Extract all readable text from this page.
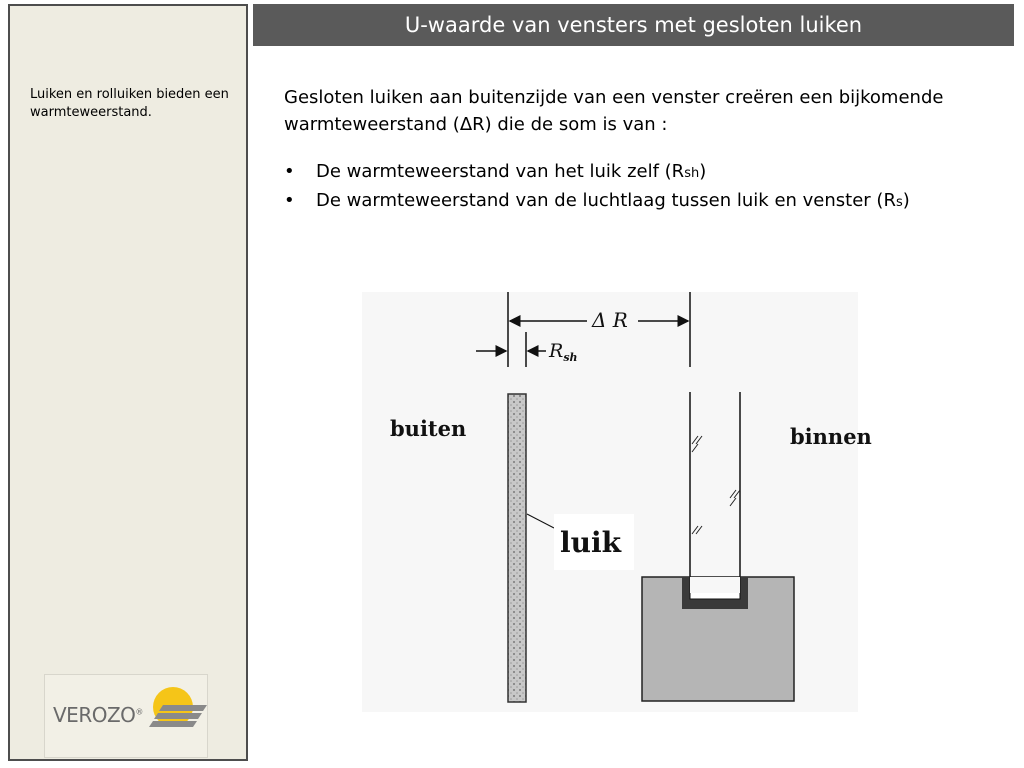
Luiken en rolluiken bieden een warmteweerstand.
VEROZO®
U-waarde van vensters met gesloten luiken

Gesloten luiken aan buitenzijde van een venster creëren een bijkomende warmteweerstand (ΔR) die de som is van :

• De warmteweerstand van het luik zelf (Rsh)
• De warmteweerstand van de luchtlaag tussen luik en venster (Rs)
Δ R
$R_{sh}$
luik
buiten	binnen
